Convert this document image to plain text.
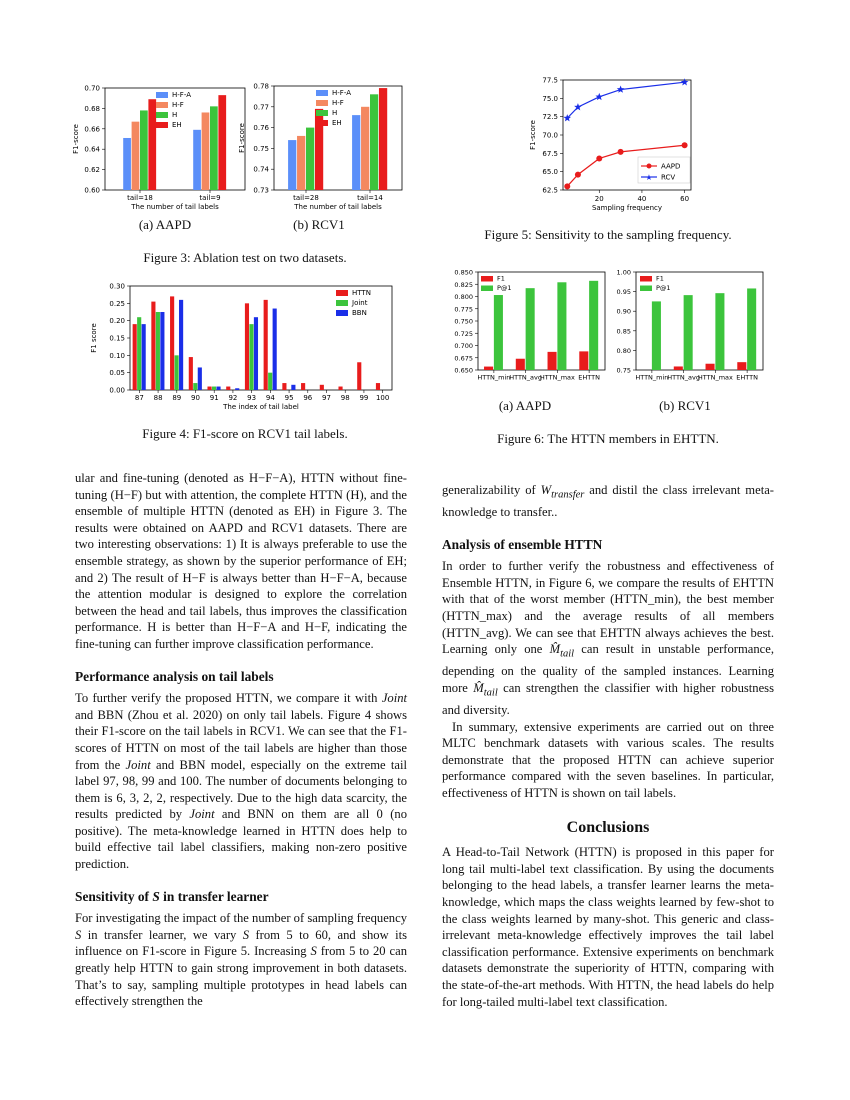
0.60
0.62
0.64
0.66
0.68
0.70
tail=18	tail=9
The number of tail labels
F1-score
H-F-A
H-F
H
EH
0.73
0.74
0.75
0.76
0.77
0.78
tail=28	tail=14
The number of tail labels
F1-score
H-F-A
H-F
H
EH
(a) AAPD	(b) RCV1
Figure 3: Ablation test on two datasets.
0.00
0.05
0.10
0.15
0.20
0.25
0.30
87 88 89 90 91 92 93 94 95 96 97 98 99 100
The index of tail label
F1 score
HTTN
Joint
BBN
Figure 4: F1-score on RCV1 tail labels.
62.5
65.0
67.5
70.0
72.5
75.0
77.5
20	40	60
Sampling frequency
F1-score
AAPD
★ RCV
Figure 5: Sensitivity to the sampling frequency.
0.650
0.675
0.700
0.725
0.750
0.775
0.800
0.825
0.850
HTTN_min
HTTN_avg
HTTN_max EHTTN
F1
P@1
0.75
0.80
0.85
0.90
0.95
1.00
HTTN_min
HTTN_avg
HTTN_max EHTTN
F1
P@1
(a) AAPD	(b) RCV1
Figure 6: The HTTN members in EHTTN.

ular and fine-tuning (denoted as H−F−A), HTTN without fine-tuning (H−F) but with attention, the complete HTTN (H), and the ensemble of multiple HTTN (denoted as EH) in Figure 3. The results were obtained on AAPD and RCV1 datasets. There are two interesting observations: 1) It is always preferable to use the ensemble strategy, as shown by the superior performance of EH; and 2) The result of H−F is always better than H−F−A, because the attention modular is designed to explore the correlation between the head and tail labels, thus improves the classification performance. H is better than H−F−A and H−F, indicating the fine-tuning can further improve classification performance.

Performance analysis on tail labels

To further verify the proposed HTTN, we compare it with Joint and BBN (Zhou et al. 2020) on only tail labels. Figure 4 shows their F1-score on the tail labels in RCV1. We can see that the F1-scores of HTTN on most of the tail labels are higher than those from the Joint and BBN model, especially on the extreme tail label 97, 98, 99 and 100. The number of documents belonging to them is 6, 3, 2, 2, respectively. Due to the high data scarcity, the results predicted by Joint and BNN on them are all 0 (no positive). The meta-knowledge learned in HTTN does help to build effective tail label classifiers, making non-zero positive prediction.

Sensitivity of S in transfer learner

For investigating the impact of the number of sampling frequency S in transfer learner, we vary S from 5 to 60, and show its influence on F1-score in Figure 5. Increasing S from 5 to 20 can greatly help HTTN to gain strong improvement in both datasets. That’s to say, sampling multiple prototypes in head labels can effectively strengthen the

generalizability of $W_{transfer}$ and distil the class irrelevant meta-knowledge to transfer..

Analysis of ensemble HTTN

In order to further verify the robustness and effectiveness of Ensemble HTTN, in Figure 6, we compare the results of EHTTN with that of the worst member (HTTN_min), the best member (HTTN_max) and the average results of all members (HTTN_avg). We can see that EHTTN always achieves the best. Learning only one $M̂_{tail}$ can result in unstable performance, depending on the quality of the sampled instances. Learning more $M̂_{tail}$ can strengthen the classifier with higher robustness and diversity.

In summary, extensive experiments are carried out on three MLTC benchmark datasets with various scales. The results demonstrate that the proposed HTTN can achieve superior performance compared with the seven baselines. In particular, effectiveness of HTTN is shown on tail labels.

Conclusions

A Head-to-Tail Network (HTTN) is proposed in this paper for long tail multi-label text classification. By using the documents belonging to the head labels, a transfer learner learns the meta-knowledge, which maps the class weights learned by few-shot to the class weights learned by many-shot. This generic and class-irrelevant meta-knowledge effectively improves the tail label classification performance. Extensive experiments on benchmark datasets demonstrate the superiority of HTTN, comparing with the state-of-the-art methods. With HTTN, the head labels do help for long-tailed multi-label text classification.
